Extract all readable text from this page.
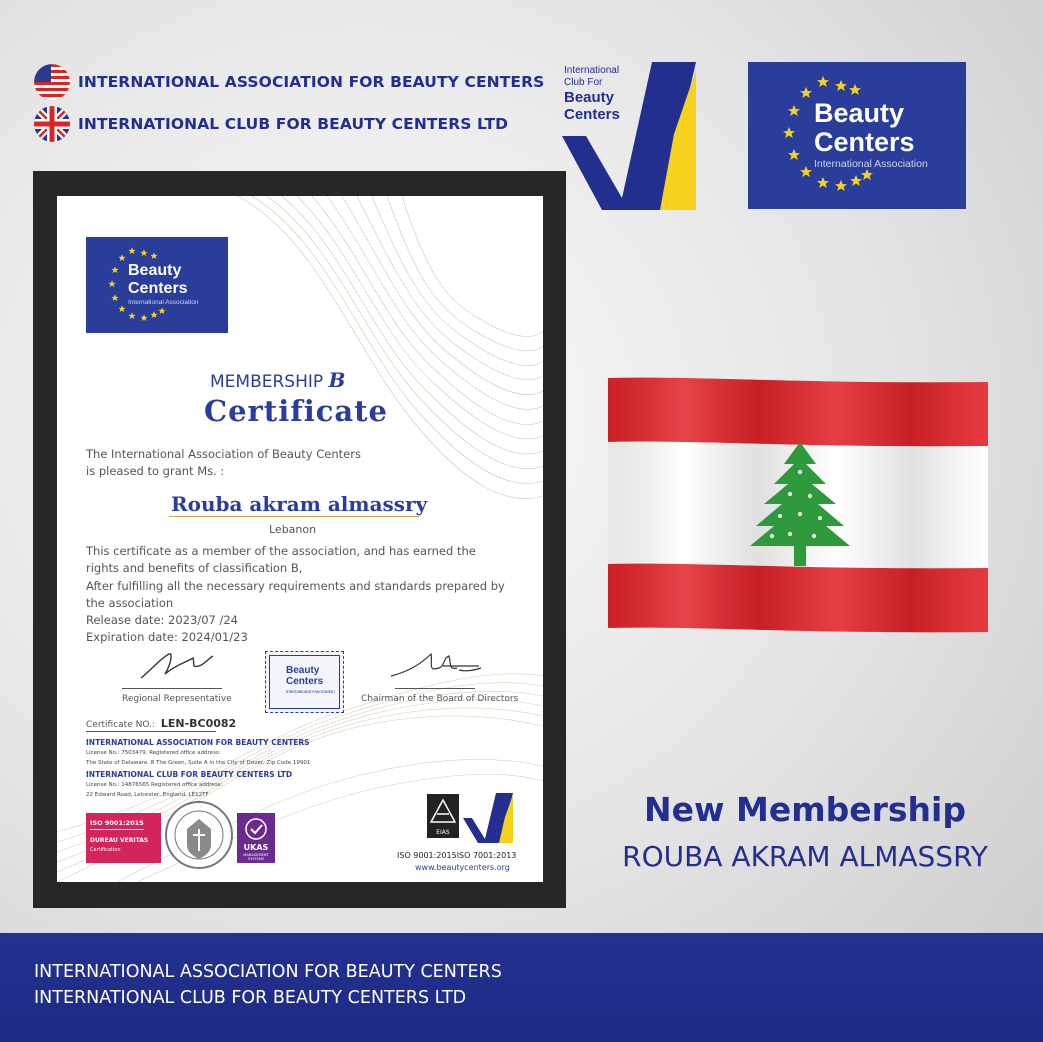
INTERNATIONAL ASSOCIATION FOR BEAUTY CENTERS
INTERNATIONAL CLUB FOR BEAUTY CENTERS LTD
International
Club For
Beauty
Centers	Beauty
Centers
International Association
Beauty
Centers
International Association
MEMBERSHIP B
Certificate
The International Association of Beauty Centers
is pleased to grant Ms. :
Rouba akram almassry
Lebanon
This certificate as a member of the association, and has earned the
rights and benefits of classification B,
After fulfilling all the necessary requirements and standards prepared by
the association
Release date: 2023/07 /24
Expiration date: 2024/01/23
Regional Representative
Beauty
Centers
International Association
Chairman of the Board of Directors
Certificate NO.: LEN-BC0082
INTERNATIONAL ASSOCIATION FOR BEAUTY CENTERS
License No.: 7503479, Registered office address:
The State of Delaware, 8 The Green, Suite A in the City of Dover, Zip Code 19901
INTERNATIONAL CLUB FOR BEAUTY CENTERS LTD
License No.: 14876565 Registered office address:
22 Edward Road, Leicester, England, LE12TF
ISO 9001:2015
DUREAU VERITAS
Certification	UKAS
MANAGEMENT SYSTEMS
EIAS
ISO 9001:2015ISO 7001:2013
www.beautycenters.org
New Membership
ROUBA AKRAM ALMASSRY
INTERNATIONAL ASSOCIATION FOR BEAUTY CENTERS
INTERNATIONAL CLUB FOR BEAUTY CENTERS LTD
